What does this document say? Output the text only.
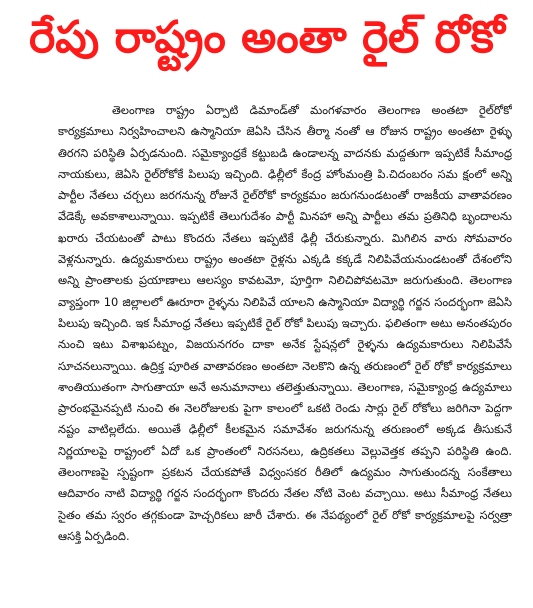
రేపు రాష్ట్రం అంతా రైల్ రోకో

తెలంగాణ రాష్ట్రం ఏర్పాటి డిమాండ్‌తో మంగళవారం తెలంగాణ అంతటా రైల్‌రోకో కార్యక్రమాలు నిర్వహించాలని ఉస్మానియా జెఏసి చేసిన తీర్మా నంతో ఆ రోజున రాష్ట్రం అంతటా రైళ్ళు తిరగని పరిస్థితి ఏర్పడనుంది. సమైక్యాంధ్రకే కట్టుబడి ఉండాలన్న వాదనకు మద్దతుగా ఇప్పటికే సీమాంధ్ర నాయకులు, జెఏసి రైల్‌రోకోకే పిలుపు ఇచ్చింది. ఢిల్లీలో కేంద్ర హోంమంత్రి పి.చిదంబరం సమ క్షంలో అన్ని పార్టీల నేతలు చర్చలు జరగనున్న రోజునే రైల్‌రోకో కార్యక్రమం జరుగనుండటంతో రాజకీయ వాతావరణం వేడెక్కే అవకాశాలున్నాయి. ఇప్పటికే తెలుగుదేశం పార్టీ మినహా అన్ని పార్టీలు తమ ప్రతినిధి బృందాలను ఖరారు చేయటంతో పాటు కొందరు నేతలు ఇప్పటికే ఢిల్లీ చేరుకున్నారు. మిగిలిన వారు సోమవారం వెళ్లనున్నారు. ఉద్యమకారులు రాష్ట్రం అంతటా రైళ్లను ఎక్కడి కక్కడే నిలిపివేయనుండటంతో దేశంలోని అన్ని ప్రాంతాలకు ప్రయాణాలు ఆలస్యం కావటమో, పూర్తిగా నిలిచిపోవటమో జరుగుతుంది. తెలంగాణ వ్యాప్తంగా 10 జిల్లాలలో ఊరూరా రైళ్ళను నిలిపివే యాలని ఉస్మానియా విద్యార్థి గర్జన సందర్భంగా జెఏసి పిలుపు ఇచ్చింది. ఇక సీమాంధ్ర నేతలు ఇప్పటికే రైల్ రోకో పిలుపు ఇచ్చారు. ఫలితంగా అటు అనంతపురం నుంచి ఇటు విశాఖపట్నం, విజయనగరం దాకా అనేక స్టేషన్లలో రైళ్ళను ఉద్యమకారులు నిలిపివేసే సూచనలున్నాయి. ఉద్రిక్త పూరిత వాతావరణం అంతటా నెలకొని ఉన్న తరుణంలో రైల్ రోకో కార్యక్రమాలు శాంతియుతంగా సాగుతాయా అనే అనుమానాలు తలెత్తుతున్నాయి. తెలంగాణ, సమైక్యాంధ్ర ఉద్యమాలు ప్రారంభమైనప్పటి నుంచి ఈ నెలరోజులకు పైగా కాలంలో ఒకటి రెండు సార్లు రైల్ రోకోలు జరిగినా పెద్దగా నష్టం వాటిల్లలేదు. అయితే ఢిల్లీలో కీలకమైన సమావేశం జరుగనున్న తరుణంలో అక్కడ తీసుకునే నిర్ణయాలపై రాష్ట్రంలో ఏదో ఒక ప్రాంతంలో నిరసనలు, ఉద్రికతలు వెల్లువెత్తక తప్పని పరిస్థితి ఉంది. తెలంగాణపై స్పష్టంగా ప్రకటన చేయకపోతే విధ్వంసకర రీతిలో ఉద్యమం సాగుతుందన్న సంకేతాలు ఆదివారం నాటి విద్యార్థి గర్జన సందర్భంగా కొందరు నేతల నోటి వెంట వచ్చాయి. అటు సీమాంధ్ర నేతలు సైతం తమ స్వరం తగ్గకుండా హెచ్చరికలు జారీ చేశారు. ఈ నేపథ్యంలో రైల్ రోకో కార్యక్రమాలపై సర్వత్రా ఆసక్తి ఏర్పడింది.
